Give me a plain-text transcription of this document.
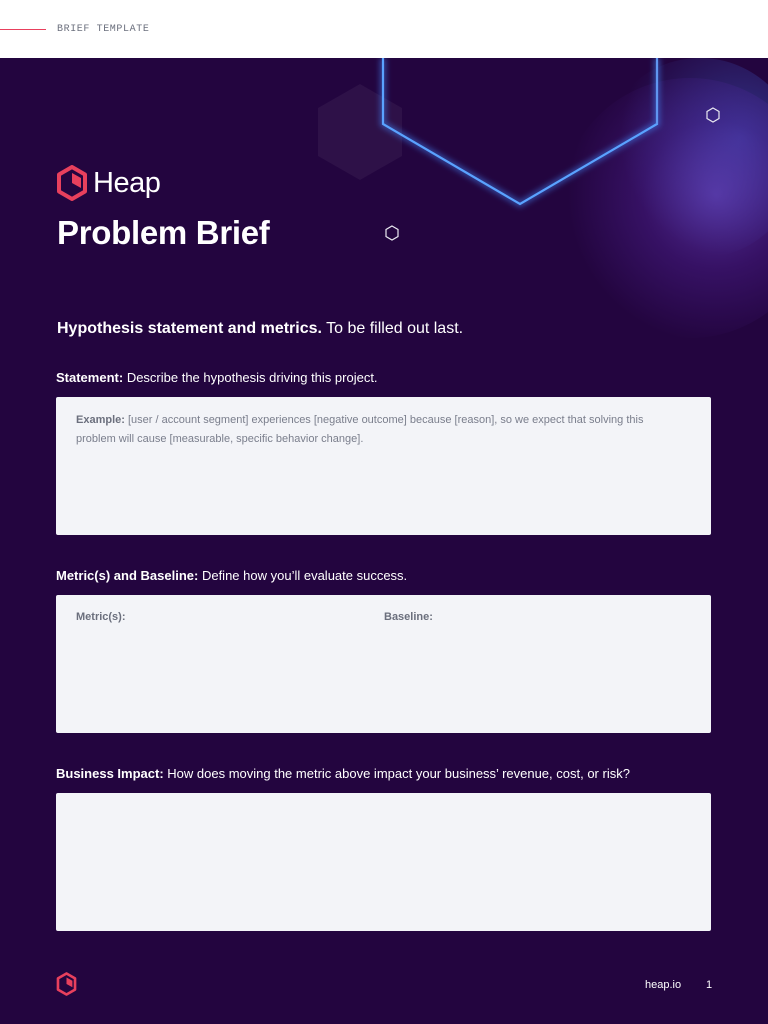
BRIEF TEMPLATE
Heap
Problem Brief
Hypothesis statement and metrics. To be filled out last.
Statement: Describe the hypothesis driving this project.
Example: [user / account segment] experiences [negative outcome] because [reason], so we expect that solving this problem will cause [measurable, specific behavior change].
Metric(s) and Baseline: Define how you’ll evaluate success.
Metric(s):	Baseline:
Business Impact: How does moving the metric above impact your business’ revenue, cost, or risk?
heap.io 1
